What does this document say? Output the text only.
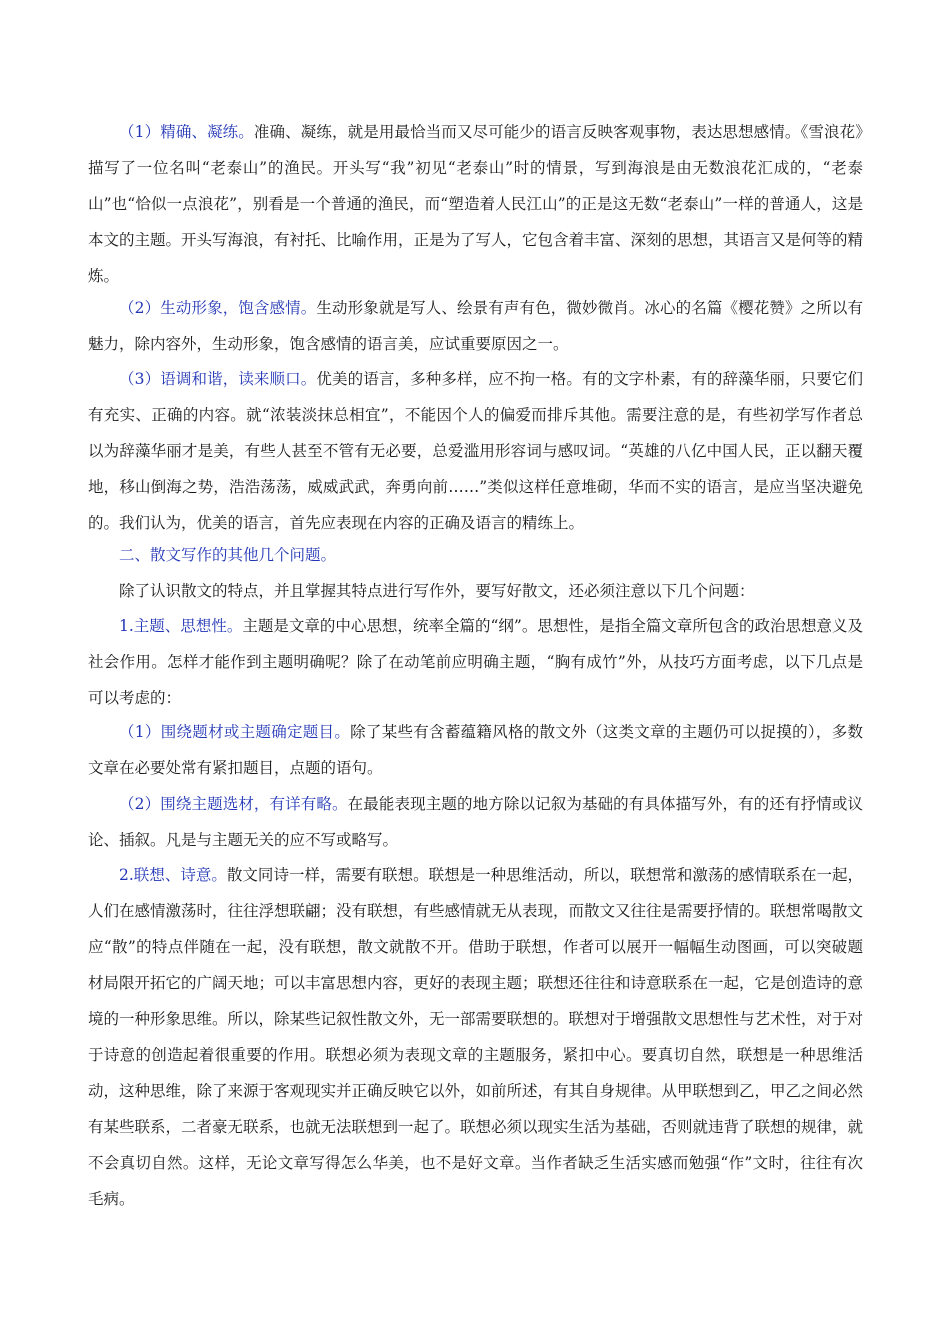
（1）精确、凝练。准确、凝练，就是用最恰当而又尽可能少的语言反映客观事物，表达思想感情。《雪浪花》描写了一位名叫“老泰山”的渔民。开头写“我”初见“老泰山”时的情景，写到海浪是由无数浪花汇成的，“老泰山”也“恰似一点浪花”，别看是一个普通的渔民，而“塑造着人民江山”的正是这无数“老泰山”一样的普通人，这是本文的主题。开头写海浪，有衬托、比喻作用，正是为了写人，它包含着丰富、深刻的思想，其语言又是何等的精炼。

（2）生动形象，饱含感情。生动形象就是写人、绘景有声有色，微妙微肖。冰心的名篇《樱花赞》之所以有魅力，除内容外，生动形象，饱含感情的语言美，应试重要原因之一。

（3）语调和谐，读来顺口。优美的语言，多种多样，应不拘一格。有的文字朴素，有的辞藻华丽，只要它们有充实、正确的内容。就“浓装淡抹总相宜”，不能因个人的偏爱而排斥其他。需要注意的是，有些初学写作者总以为辞藻华丽才是美，有些人甚至不管有无必要，总爱滥用形容词与感叹词。“英雄的八亿中国人民，正以翻天覆地，移山倒海之势，浩浩荡荡，威威武武，奔勇向前……”类似这样任意堆砌，华而不实的语言，是应当坚决避免的。我们认为，优美的语言，首先应表现在内容的正确及语言的精练上。

二、散文写作的其他几个问题。

除了认识散文的特点，并且掌握其特点进行写作外，要写好散文，还必须注意以下几个问题：

1.主题、思想性。主题是文章的中心思想，统率全篇的“纲”。思想性，是指全篇文章所包含的政治思想意义及社会作用。怎样才能作到主题明确呢？除了在动笔前应明确主题，“胸有成竹”外，从技巧方面考虑，以下几点是可以考虑的：

（1）围绕题材或主题确定题目。除了某些有含蓄蕴籍风格的散文外（这类文章的主题仍可以捉摸的），多数文章在必要处常有紧扣题目，点题的语句。

（2）围绕主题选材，有详有略。在最能表现主题的地方除以记叙为基础的有具体描写外，有的还有抒情或议论、插叙。凡是与主题无关的应不写或略写。

2.联想、诗意。散文同诗一样，需要有联想。联想是一种思维活动，所以，联想常和激荡的感情联系在一起，人们在感情激荡时，往往浮想联翩；没有联想，有些感情就无从表现，而散文又往往是需要抒情的。联想常喝散文应“散”的特点伴随在一起，没有联想，散文就散不开。借助于联想，作者可以展开一幅幅生动图画，可以突破题材局限开拓它的广阔天地；可以丰富思想内容，更好的表现主题；联想还往往和诗意联系在一起，它是创造诗的意境的一种形象思维。所以，除某些记叙性散文外，无一部需要联想的。联想对于增强散文思想性与艺术性，对于对于诗意的创造起着很重要的作用。联想必须为表现文章的主题服务，紧扣中心。要真切自然，联想是一种思维活动，这种思维，除了来源于客观现实并正确反映它以外，如前所述，有其自身规律。从甲联想到乙，甲乙之间必然有某些联系，二者豪无联系，也就无法联想到一起了。联想必须以现实生活为基础，否则就违背了联想的规律，就不会真切自然。这样，无论文章写得怎么华美，也不是好文章。当作者缺乏生活实感而勉强“作”文时，往往有次毛病。
